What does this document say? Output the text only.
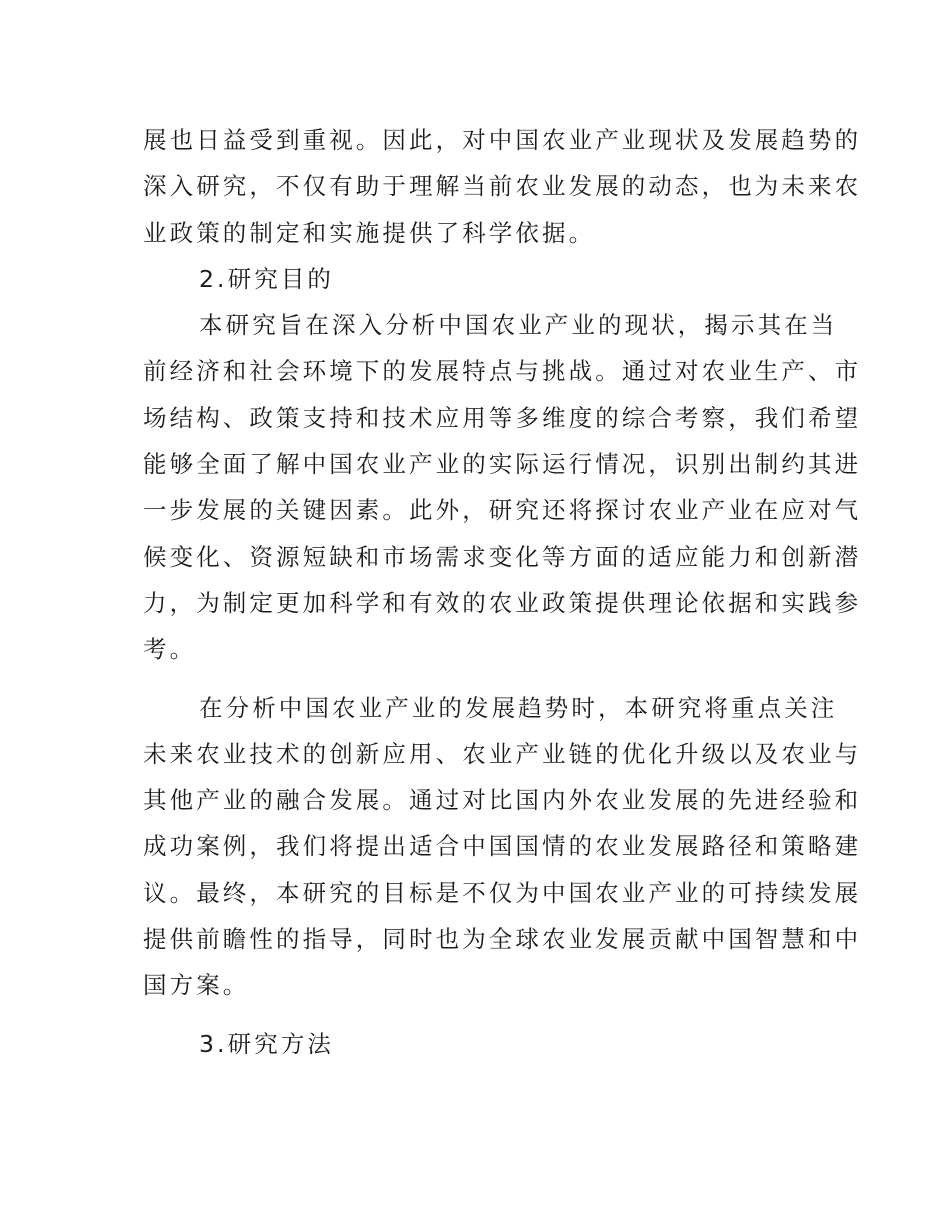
展也日益受到重视。因此，对中国农业产业现状及发展趋势的
深入研究，不仅有助于理解当前农业发展的动态，也为未来农
业政策的制定和实施提供了科学依据。
2.研究目的
本研究旨在深入分析中国农业产业的现状，揭示其在当
前经济和社会环境下的发展特点与挑战。通过对农业生产、市
场结构、政策支持和技术应用等多维度的综合考察，我们希望
能够全面了解中国农业产业的实际运行情况，识别出制约其进
一步发展的关键因素。此外，研究还将探讨农业产业在应对气
候变化、资源短缺和市场需求变化等方面的适应能力和创新潜
力，为制定更加科学和有效的农业政策提供理论依据和实践参
考。
在分析中国农业产业的发展趋势时，本研究将重点关注
未来农业技术的创新应用、农业产业链的优化升级以及农业与
其他产业的融合发展。通过对比国内外农业发展的先进经验和
成功案例，我们将提出适合中国国情的农业发展路径和策略建
议。最终，本研究的目标是不仅为中国农业产业的可持续发展
提供前瞻性的指导，同时也为全球农业发展贡献中国智慧和中
国方案。
3.研究方法
